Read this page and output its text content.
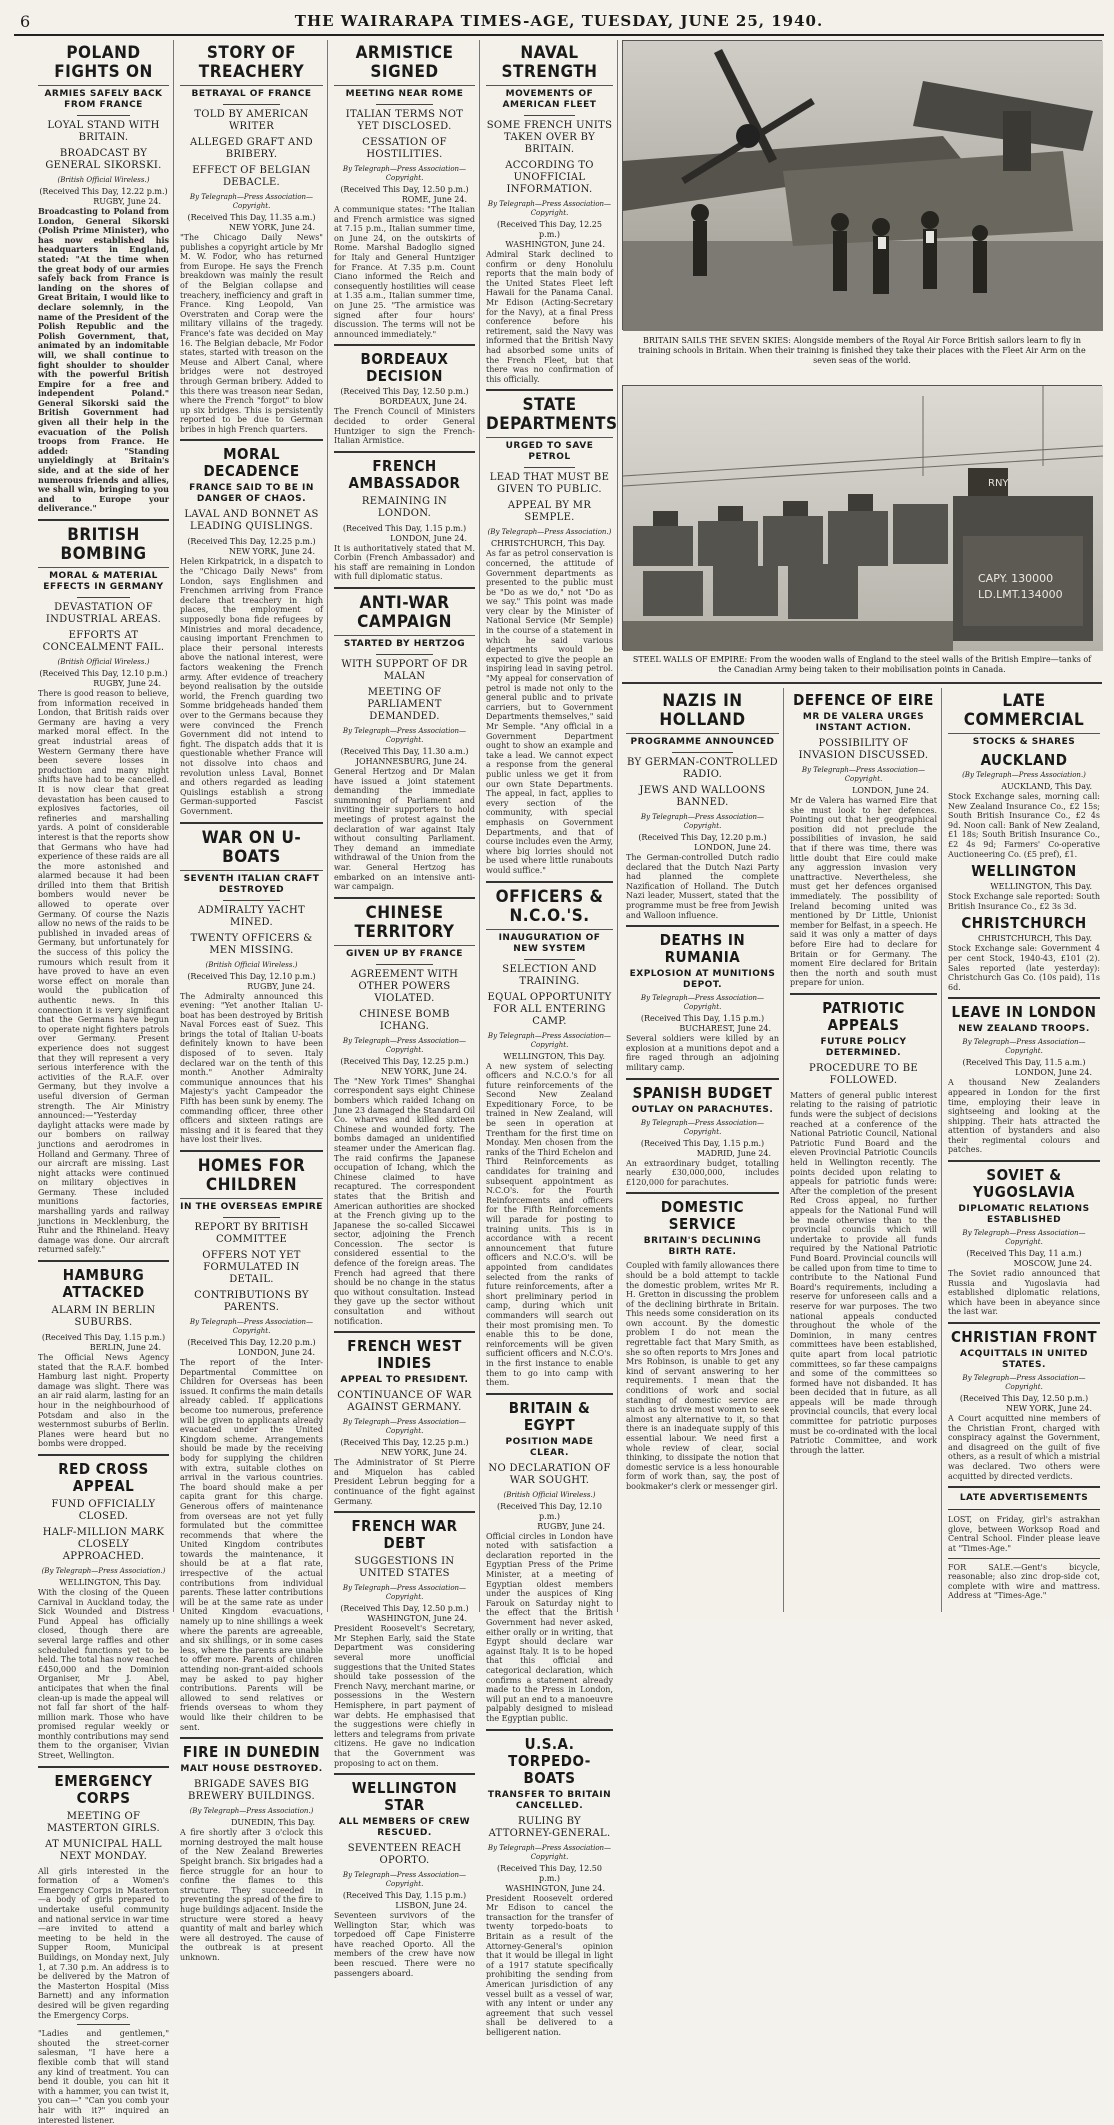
6	THE WAIRARAPA TIMES-AGE, TUESDAY, JUNE 25, 1940.
POLAND FIGHTS ON
ARMIES SAFELY BACK FROM FRANCE
LOYAL STAND WITH BRITAIN.
BROADCAST BY GENERAL SIKORSKI.
(British Official Wireless.)
(Received This Day, 12.22 p.m.)
RUGBY, June 24.

Broadcasting to Poland from London, General Sikorski (Polish Prime Minister), who has now established his headquarters in England, stated: "At the time when the great body of our armies safely back from France is landing on the shores of Great Britain, I would like to declare solemnly, in the name of the President of the Polish Republic and the Polish Government, that, animated by an indomitable will, we shall continue to fight shoulder to shoulder with the powerful British Empire for a free and independent Poland." General Sikorski said the British Government had given all their help in the evacuation of the Polish troops from France. He added: "Standing unyieldingly at Britain's side, and at the side of her numerous friends and allies, we shall win, bringing to you and to Europe your deliverance."

BRITISH BOMBING
MORAL & MATERIAL EFFECTS IN GERMANY
DEVASTATION OF INDUSTRIAL AREAS.
EFFORTS AT CONCEALMENT FAIL.
(British Official Wireless.)
(Received This Day, 12.10 p.m.)
RUGBY, June 24.

There is good reason to believe, from information received in London, that British raids over Germany are having a very marked moral effect. In the great industrial areas of Western Germany there have been severe losses in production and many night shifts have had to be cancelled. It is now clear that great devastation has been caused to explosives factories, oil refineries and marshalling yards. A point of considerable interest is that the reports show that Germans who have had experience of these raids are all the more astonished and alarmed because it had been drilled into them that British bombers would never be allowed to operate over Germany. Of course the Nazis allow no news of the raids to be published in invaded areas of Germany, but unfortunately for the success of this policy the rumours which result from it have proved to have an even worse effect on morale than would the publication of authentic news. In this connection it is very significant that the Germans have begun to operate night fighters patrols over Germany. Present experience does not suggest that they will represent a very serious interference with the activities of the R.A.F. over Germany, but they involve a useful diversion of German strength. The Air Ministry announced:—"Yesterday daylight attacks were made by our bombers on railway junctions and aerodromes in Holland and Germany. Three of our aircraft are missing. Last night attacks were continued on military objectives in Germany. These included munitions factories, marshalling yards and railway junctions in Mecklenburg, the Ruhr and the Rhineland. Heavy damage was done. Our aircraft returned safely."

HAMBURG ATTACKED
ALARM IN BERLIN SUBURBS.
(Received This Day, 1.15 p.m.)
BERLIN, June 24.

The Official News Agency stated that the R.A.F. bombed Hamburg last night. Property damage was slight. There was an air raid alarm, lasting for an hour in the neighbourhood of Potsdam and also in the westernmost suburbs of Berlin. Planes were heard but no bombs were dropped.

RED CROSS APPEAL
FUND OFFICIALLY CLOSED.
HALF-MILLION MARK CLOSELY APPROACHED.
(By Telegraph—Press Association.)
WELLINGTON, This Day.

With the closing of the Queen Carnival in Auckland today, the Sick Wounded and Distress Fund Appeal has officially closed, though there are several large raffles and other scheduled functions yet to be held. The total has now reached £450,000 and the Dominion Organiser, Mr J. Abel, anticipates that when the final clean-up is made the appeal will not fall far short of the half-million mark. Those who have promised regular weekly or monthly contributions may send them to the organiser, Vivian Street, Wellington.

EMERGENCY CORPS
MEETING OF MASTERTON GIRLS.
AT MUNICIPAL HALL NEXT MONDAY.

All girls interested in the formation of a Women's Emergency Corps in Masterton—a body of girls prepared to undertake useful community and national service in war time—are invited to attend a meeting to be held in the Supper Room, Municipal Buildings, on Monday next, July 1, at 7.30 p.m. An address is to be delivered by the Matron of the Masterton Hospital (Miss Barnett) and any information desired will be given regarding the Emergency Corps.

"Ladies and gentlemen," shouted the street-corner salesman, "I have here a flexible comb that will stand any kind of treatment. You can bend it double, you can hit it with a hammer, you can twist it, you can—" "Can you comb your hair with it?" inquired an interested listener.

STORY OF TREACHERY
BETRAYAL OF FRANCE
TOLD BY AMERICAN WRITER
ALLEGED GRAFT AND BRIBERY.
EFFECT OF BELGIAN DEBACLE.
By Telegraph—Press Association—Copyright.
(Received This Day, 11.35 a.m.)
NEW YORK, June 24.

"The Chicago Daily News" publishes a copyright article by Mr M. W. Fodor, who has returned from Europe. He says the French breakdown was mainly the result of the Belgian collapse and treachery, inefficiency and graft in France. King Leopold, Van Overstraten and Corap were the military villains of the tragedy. France's fate was decided on May 16. The Belgian debacle, Mr Fodor states, started with treason on the Meuse and Albert Canal, where bridges were not destroyed through German bribery. Added to this there was treason near Sedan, where the French "forgot" to blow up six bridges. This is persistently reported to be due to German bribes in high French quarters.

MORAL DECADENCE
FRANCE SAID TO BE IN DANGER OF CHAOS.
LAVAL AND BONNET AS LEADING QUISLINGS.
(Received This Day, 12.25 p.m.)
NEW YORK, June 24.

Helen Kirkpatrick, in a dispatch to the "Chicago Daily News" from London, says Englishmen and Frenchmen arriving from France declare that treachery in high places, the employment of supposedly bona fide refugees by Ministries and moral decadence, causing important Frenchmen to place their personal interests above the national interest, were factors weakening the French army. After evidence of treachery beyond realisation by the outside world, the French guarding two Somme bridgeheads handed them over to the Germans because they were convinced the French Government did not intend to fight. The dispatch adds that it is questionable whether France will not dissolve into chaos and revolution unless Laval, Bonnet and others regarded as leading Quislings establish a strong German-supported Fascist Government.

WAR ON U-BOATS
SEVENTH ITALIAN CRAFT DESTROYED
ADMIRALTY YACHT MINED.
TWENTY OFFICERS & MEN MISSING.
(British Official Wireless.)
(Received This Day, 12.10 p.m.)
RUGBY, June 24.

The Admiralty announced this evening: "Yet another Italian U-boat has been destroyed by British Naval Forces east of Suez. This brings the total of Italian U-boats definitely known to have been disposed of to seven. Italy declared war on the tenth of this month." Another Admiralty communique announces that his Majesty's yacht Campeador the Fifth has been sunk by enemy. The commanding officer, three other officers and sixteen ratings are missing and it is feared that they have lost their lives.

HOMES FOR CHILDREN
IN THE OVERSEAS EMPIRE
REPORT BY BRITISH COMMITTEE
OFFERS NOT YET FORMULATED IN DETAIL.
CONTRIBUTIONS BY PARENTS.
By Telegraph—Press Association—Copyright.
(Received This Day, 12.20 p.m.)
LONDON, June 24.

The report of the Inter-Departmental Committee on Children for Overseas has been issued. It confirms the main details already cabled. If applications become too numerous, preference will be given to applicants already evacuated under the United Kingdom scheme. Arrangements should be made by the receiving body for supplying the children with extra, suitable clothes on arrival in the various countries. The board should make a per capita grant for this charge. Generous offers of maintenance from overseas are not yet fully formulated but the committee recommends that where the United Kingdom contributes towards the maintenance, it should be at a flat rate, irrespective of the actual contributions from individual parents. These latter contributions will be at the same rate as under United Kingdom evacuations, namely up to nine shillings a week where the parents are agreeable, and six shillings, or in some cases less, where the parents are unable to offer more. Parents of children attending non-grant-aided schools may be asked to pay higher contributions. Parents will be allowed to send relatives or friends overseas to whom they would like their children to be sent.

FIRE IN DUNEDIN
MALT HOUSE DESTROYED.
BRIGADE SAVES BIG BREWERY BUILDINGS.
(By Telegraph—Press Association.)
DUNEDIN, This Day.

A fire shortly after 3 o'clock this morning destroyed the malt house of the New Zealand Breweries Speight branch. Six brigades had a fierce struggle for an hour to confine the flames to this structure. They succeeded in preventing the spread of the fire to huge buildings adjacent. Inside the structure were stored a heavy quantity of malt and barley which were all destroyed. The cause of the outbreak is at present unknown.

ARMISTICE SIGNED
MEETING NEAR ROME
ITALIAN TERMS NOT YET DISCLOSED.
CESSATION OF HOSTILITIES.
By Telegraph—Press Association—Copyright.
(Received This Day, 12.50 p.m.)
ROME, June 24.

A communique states: "The Italian and French armistice was signed at 7.15 p.m., Italian summer time, on June 24, on the outskirts of Rome. Marshal Badoglio signed for Italy and General Huntziger for France. At 7.35 p.m. Count Ciano informed the Reich and consequently hostilities will cease at 1.35 a.m., Italian summer time, on June 25. "The armistice was signed after four hours' discussion. The terms will not be announced immediately."

BORDEAUX DECISION
(Received This Day, 12.50 p.m.)
BORDEAUX, June 24.

The French Council of Ministers decided to order General Huntziger to sign the French-Italian Armistice.

FRENCH AMBASSADOR
REMAINING IN LONDON.
(Received This Day, 1.15 p.m.)
LONDON, June 24.

It is authoritatively stated that M. Corbin (French Ambassador) and his staff are remaining in London with full diplomatic status.

ANTI-WAR CAMPAIGN
STARTED BY HERTZOG
WITH SUPPORT OF DR MALAN
MEETING OF PARLIAMENT DEMANDED.
By Telegraph—Press Association—Copyright.
(Received This Day, 11.30 a.m.)
JOHANNESBURG, June 24.

General Hertzog and Dr Malan have issued a joint statement demanding the immediate summoning of Parliament and inviting their supporters to hold meetings of protest against the declaration of war against Italy without consulting Parliament. They demand an immediate withdrawal of the Union from the war. General Hertzog has embarked on an intensive anti-war campaign.

CHINESE TERRITORY
GIVEN UP BY FRANCE
AGREEMENT WITH OTHER POWERS VIOLATED.
CHINESE BOMB ICHANG.
By Telegraph—Press Association—Copyright.
(Received This Day, 12.25 p.m.)
NEW YORK, June 24.

The "New York Times" Shanghai correspondent says eight Chinese bombers which raided Ichang on June 23 damaged the Standard Oil Co. wharves and killed sixteen Chinese and wounded forty. The bombs damaged an unidentified steamer under the American flag. The raid confirms the Japanese occupation of Ichang, which the Chinese claimed to have recaptured. The correspondent states that the British and American authorities are shocked at the French giving up to the Japanese the so-called Siccawei sector, adjoining the French Concession. The sector is considered essential to the defence of the foreign areas. The French had agreed that there should be no change in the status quo without consultation. Instead they gave up the sector without consultation and without notification.

FRENCH WEST INDIES
APPEAL TO PRESIDENT.
CONTINUANCE OF WAR AGAINST GERMANY.
By Telegraph—Press Association—Copyright.
(Received This Day, 12.25 p.m.)
NEW YORK, June 24.

The Administrator of St Pierre and Miquelon has cabled President Lebrun begging for a continuance of the fight against Germany.

FRENCH WAR DEBT
SUGGESTIONS IN UNITED STATES
By Telegraph—Press Association—Copyright.
(Received This Day, 12.50 p.m.)
WASHINGTON, June 24.

President Roosevelt's Secretary, Mr Stephen Early, said the State Department was considering several more unofficial suggestions that the United States should take possession of the French Navy, merchant marine, or possessions in the Western Hemisphere, in part payment of war debts. He emphasised that the suggestions were chiefly in letters and telegrams from private citizens. He gave no indication that the Government was proposing to act on them.

WELLINGTON STAR
ALL MEMBERS OF CREW RESCUED.
SEVENTEEN REACH OPORTO.
By Telegraph—Press Association—Copyright.
(Received This Day, 1.15 p.m.)
LISBON, June 24.

Seventeen survivors of the Wellington Star, which was torpedoed off Cape Finisterre have reached Oporto. All the members of the crew have now been rescued. There were no passengers aboard.

NAVAL STRENGTH
MOVEMENTS OF AMERICAN FLEET
SOME FRENCH UNITS TAKEN OVER BY BRITAIN.
ACCORDING TO UNOFFICIAL INFORMATION.
By Telegraph—Press Association—Copyright.
(Received This Day, 12.25 p.m.)
WASHINGTON, June 24.

Admiral Stark declined to confirm or deny Honolulu reports that the main body of the United States Fleet left Hawaii for the Panama Canal. Mr Edison (Acting-Secretary for the Navy), at a final Press conference before his retirement, said the Navy was informed that the British Navy had absorbed some units of the French Fleet, but that there was no confirmation of this officially.

STATE DEPARTMENTS
URGED TO SAVE PETROL
LEAD THAT MUST BE GIVEN TO PUBLIC.
APPEAL BY MR SEMPLE.
(By Telegraph—Press Association.)
CHRISTCHURCH, This Day.

As far as petrol conservation is concerned, the attitude of Government departments as presented to the public must be "Do as we do," not "Do as we say." This point was made very clear by the Minister of National Service (Mr Semple) in the course of a statement in which he said various departments would be expected to give the people an inspiring lead in saving petrol. "My appeal for conservation of petrol is made not only to the general public and to private carriers, but to Government Departments themselves," said Mr Semple. "Any official in a Government Department ought to show an example and take a lead. We cannot expect a response from the general public unless we get it from our own State Departments. The appeal, in fact, applies to every section of the community, with special emphasis on Government Departments, and that of course includes even the Army, where big lorries should not be used where little runabouts would suffice."

OFFICERS & N.C.O.'S.
INAUGURATION OF NEW SYSTEM
SELECTION AND TRAINING.
EQUAL OPPORTUNITY FOR ALL ENTERING CAMP.
By Telegraph—Press Association—Copyright.
WELLINGTON, This Day.

A new system of selecting officers and N.C.O.'s for all future reinforcements of the Second New Zealand Expeditionary Force, to be trained in New Zealand, will be seen in operation at Trentham for the first time on Monday. Men chosen from the ranks of the Third Echelon and Third Reinforcements as candidates for training and subsequent appointment as N.C.O's. for the Fourth Reinforcements and officers for the Fifth Reinforcements will parade for posting to training units. This is in accordance with a recent announcement that future officers and N.C.O's. will be appointed from candidates selected from the ranks of future reinforcements, after a short preliminary period in camp, during which unit commanders will search out their most promising men. To enable this to be done, reinforcements will be given sufficient officers and N.C.O's. in the first instance to enable them to go into camp with them.

BRITAIN & EGYPT
POSITION MADE CLEAR.
NO DECLARATION OF WAR SOUGHT.
(British Official Wireless.)
(Received This Day, 12.10 p.m.)
RUGBY, June 24.

Official circles in London have noted with satisfaction a declaration reported in the Egyptian Press of the Prime Minister, at a meeting of Egyptian oldest members under the auspices of King Farouk on Saturday night to the effect that the British Government had never asked, either orally or in writing, that Egypt should declare war against Italy. It is to be hoped that this official and categorical declaration, which confirms a statement already made to the Press in London, will put an end to a manoeuvre palpably designed to mislead the Egyptian public.

U.S.A. TORPEDO-BOATS
TRANSFER TO BRITAIN CANCELLED.
RULING BY ATTORNEY-GENERAL.
By Telegraph—Press Association—Copyright.
(Received This Day, 12.50 p.m.)
WASHINGTON, June 24.

President Roosevelt ordered Mr Edison to cancel the transaction for the transfer of twenty torpedo-boats to Britain as a result of the Attorney-General's opinion that it would be illegal in light of a 1917 statute specifically prohibiting the sending from American jurisdiction of any vessel built as a vessel of war, with any intent or under any agreement that such vessel shall be delivered to a belligerent nation.

BRITAIN SAILS THE SEVEN SKIES: Alongside members of the Royal Air Force British sailors learn to fly in training schools in Britain. When their training is finished they take their places with the Fleet Air Arm on the seven seas of the world.
RNY
CAPY. 130000
LD.LMT.134000
STEEL WALLS OF EMPIRE: From the wooden walls of England to the steel walls of the British Empire—tanks of the Canadian Army being taken to their mobilisation points in Canada.
NAZIS IN HOLLAND
PROGRAMME ANNOUNCED
BY GERMAN-CONTROLLED RADIO.
JEWS AND WALLOONS BANNED.
By Telegraph—Press Association—Copyright.
(Received This Day, 12.20 p.m.)
LONDON, June 24.

The German-controlled Dutch radio declared that the Dutch Nazi Party had planned the complete Nazification of Holland. The Dutch Nazi leader, Mussert, stated that the programme must be free from Jewish and Walloon influence.

DEATHS IN RUMANIA
EXPLOSION AT MUNITIONS DEPOT.
By Telegraph—Press Association—Copyright.
(Received This Day, 1.15 p.m.)
BUCHAREST, June 24.

Several soldiers were killed by an explosion at a munitions depot and a fire raged through an adjoining military camp.

SPANISH BUDGET
OUTLAY ON PARACHUTES.
By Telegraph—Press Association—Copyright.
(Received This Day, 1.15 p.m.)
MADRID, June 24.

An extraordinary budget, totalling nearly £30,000,000, includes £120,000 for parachutes.

DOMESTIC SERVICE
BRITAIN'S DECLINING BIRTH RATE.

Coupled with family allowances there should be a bold attempt to tackle the domestic problem, writes Mr R. H. Gretton in discussing the problem of the declining birthrate in Britain. This needs some consideration on its own account. By the domestic problem I do not mean the regrettable fact that Mary Smith, as she so often reports to Mrs Jones and Mrs Robinson, is unable to get any kind of servant answering to her requirements. I mean that the conditions of work and social standing of domestic service are such as to drive most women to seek almost any alternative to it, so that there is an inadequate supply of this essential labour. We need first a whole review of clear, social thinking, to dissipate the notion that domestic service is a less honourable form of work than, say, the post of bookmaker's clerk or messenger girl.

DEFENCE OF EIRE
MR DE VALERA URGES INSTANT ACTION.
POSSIBILITY OF INVASION DISCUSSED.
By Telegraph—Press Association—Copyright.
LONDON, June 24.

Mr de Valera has warned Eire that she must look to her defences. Pointing out that her geographical position did not preclude the possibilities of invasion, he said that if there was time, there was little doubt that Eire could make any aggression invasion very unattractive. Nevertheless, she must get her defences organised immediately. The possibility of Ireland becoming united was mentioned by Dr Little, Unionist member for Belfast, in a speech. He said it was only a matter of days before Eire had to declare for Britain or for Germany. The moment Eire declared for Britain then the north and south must prepare for union.

PATRIOTIC APPEALS
FUTURE POLICY DETERMINED.
PROCEDURE TO BE FOLLOWED.

Matters of general public interest relating to the raising of patriotic funds were the subject of decisions reached at a conference of the National Patriotic Council, National Patriotic Fund Board and the eleven Provincial Patriotic Councils held in Wellington recently. The points decided upon relating to appeals for patriotic funds were: After the completion of the present Red Cross appeal, no further appeals for the National Fund will be made otherwise than to the provincial councils which will undertake to provide all funds required by the National Patriotic Fund Board. Provincial councils will be called upon from time to time to contribute to the National Fund Board's requirements, including a reserve for unforeseen calls and a reserve for war purposes. The two national appeals conducted throughout the whole of the Dominion, in many centres committees have been established, quite apart from local patriotic committees, so far these campaigns and some of the committees so formed have not disbanded. It has been decided that in future, as all appeals will be made through provincial councils, that every local committee for patriotic purposes must be co-ordinated with the local Patriotic Committee, and work through the latter.

LATE COMMERCIAL
STOCKS & SHARES
AUCKLAND
(By Telegraph—Press Association.)
AUCKLAND, This Day.

Stock Exchange sales, morning call: New Zealand Insurance Co., £2 15s; South British Insurance Co., £2 4s 9d. Noon call: Bank of New Zealand, £1 18s; South British Insurance Co., £2 4s 9d; Farmers' Co-operative Auctioneering Co. (£5 pref), £1.

WELLINGTON
WELLINGTON, This Day.

Stock Exchange sale reported: South British Insurance Co., £2 3s 3d.

CHRISTCHURCH
CHRISTCHURCH, This Day.

Stock Exchange sale: Government 4 per cent Stock, 1940-43, £101 (2). Sales reported (late yesterday): Christchurch Gas Co. (10s paid), 11s 6d.

LEAVE IN LONDON
NEW ZEALAND TROOPS.
By Telegraph—Press Association—Copyright.
(Received This Day, 11.5 a.m.)
LONDON, June 24.

A thousand New Zealanders appeared in London for the first time, employing their leave in sightseeing and looking at the shipping. Their hats attracted the attention of bystanders and also their regimental colours and patches.

SOVIET & YUGOSLAVIA
DIPLOMATIC RELATIONS ESTABLISHED
By Telegraph—Press Association—Copyright.
(Received This Day, 11 a.m.)
MOSCOW, June 24.

The Soviet radio announced that Russia and Yugoslavia had established diplomatic relations, which have been in abeyance since the last war.

CHRISTIAN FRONT
ACQUITTALS IN UNITED STATES.
By Telegraph—Press Association—Copyright.
(Received This Day, 12.50 p.m.)
NEW YORK, June 24.

A Court acquitted nine members of the Christian Front, charged with conspiracy against the Government, and disagreed on the guilt of five others, as a result of which a mistrial was declared. Two others were acquitted by directed verdicts.

LATE ADVERTISEMENTS

LOST, on Friday, girl's astrakhan glove, between Worksop Road and Central School. Finder please leave at "Times-Age."

FOR SALE.—Gent's bicycle, reasonable; also zinc drop-side cot, complete with wire and mattress. Address at "Times-Age."
